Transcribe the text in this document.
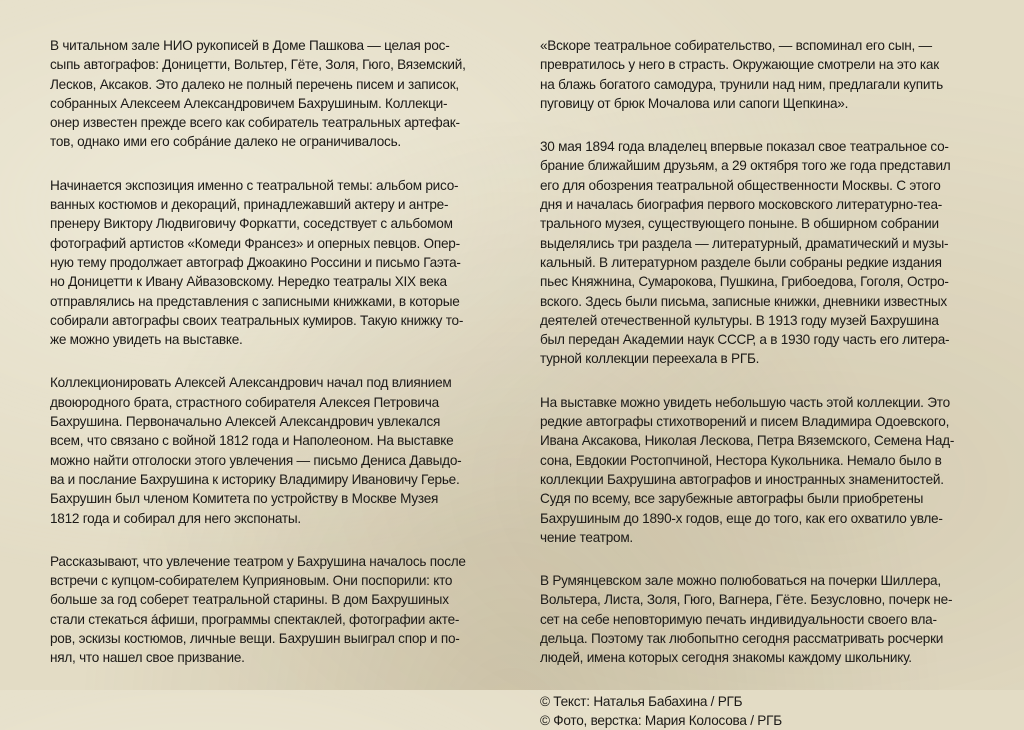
В читальном зале НИО рукописей в Доме Пашкова — целая рос-
сыпь автографов: Доницетти, Вольтер, Гёте, Золя, Гюго, Вяземский,
Лесков, Аксаков. Это далеко не полный перечень писем и записок,
собранных Алексеем Александровичем Бахрушиным. Коллекци-
онер известен прежде всего как собиратель театральных артефак-
тов, однако ими его собрáние далеко не ограничивалось.

Начинается экспозиция именно с театральной темы: альбом рисо-
ванных костюмов и декораций, принадлежавший актеру и антре-
пренеру Виктору Людвиговичу Форкатти, соседствует с альбомом
фотографий артистов «Комеди Франсез» и оперных певцов. Опер-
ную тему продолжает автограф Джоакино Россини и письмо Гаэта-
но Доницетти к Ивану Айвазовскому. Нередко театралы XIX века
отправлялись на представления с записными книжками, в которые
собирали автографы своих театральных кумиров. Такую книжку то-
же можно увидеть на выставке.

Коллекционировать Алексей Александрович начал под влиянием
двоюродного брата, страстного собирателя Алексея Петровича
Бахрушина. Первоначально Алексей Александрович увлекался
всем, что связано с войной 1812 года и Наполеоном. На выставке
можно найти отголоски этого увлечения — письмо Дениса Давыдо-
ва и послание Бахрушина к историку Владимиру Ивановичу Герье.
Бахрушин был членом Комитета по устройству в Москве Музея
1812 года и собирал для него экспонаты.

Рассказывают, что увлечение театром у Бахрушина началось после
встречи с купцом-собирателем Куприяновым. Они поспорили: кто
больше за год соберет театральной старины. В дом Бахрушиных
стали стекаться áфиши, программы спектаклей, фотографии акте-
ров, эскизы костюмов, личные вещи. Бахрушин выиграл спор и по-
нял, что нашел свое призвание.

«Вскоре театральное собирательство, — вспоминал его сын, —
превратилось у него в страсть. Окружающие смотрели на это как
на блажь богатого самодура, трунили над ним, предлагали купить
пуговицу от брюк Мочалова или сапоги Щепкина».

30 мая 1894 года владелец впервые показал свое театральное со-
брание ближайшим друзьям, а 29 октября того же года представил
его для обозрения театральной общественности Москвы. С этого
дня и началась биография первого московского литературно-теа-
трального музея, существующего поныне. В обширном собрании
выделялись три раздела — литературный, драматический и музы-
кальный. В литературном разделе были собраны редкие издания
пьес Княжнина, Сумарокова, Пушкина, Грибоедова, Гоголя, Остро-
вского. Здесь были письма, записные книжки, дневники известных
деятелей отечественной культуры. В 1913 году музей Бахрушина
был передан Академии наук СССР, а в 1930 году часть его литера-
турной коллекции переехала в РГБ.

На выставке можно увидеть небольшую часть этой коллекции. Это
редкие автографы стихотворений и писем Владимира Одоевского,
Ивана Аксакова, Николая Лескова, Петра Вяземского, Семена Над-
сона, Евдокии Ростопчиной, Нестора Кукольника. Немало было в
коллекции Бахрушина автографов и иностранных знаменитостей.
Судя по всему, все зарубежные автографы были приобретены
Бахрушиным до 1890-х годов, еще до того, как его охватило увле-
чение театром.

В Румянцевском зале можно полюбоваться на почерки Шиллера,
Вольтера, Листа, Золя, Гюго, Вагнера, Гёте. Безусловно, почерк не-
сет на себе неповторимую печать индивидуальности своего вла-
дельца. Поэтому так любопытно сегодня рассматривать росчерки
людей, имена которых сегодня знакомы каждому школьнику.

© Текст: Наталья Бабахина / РГБ
© Фото, верстка: Мария Колосова / РГБ
